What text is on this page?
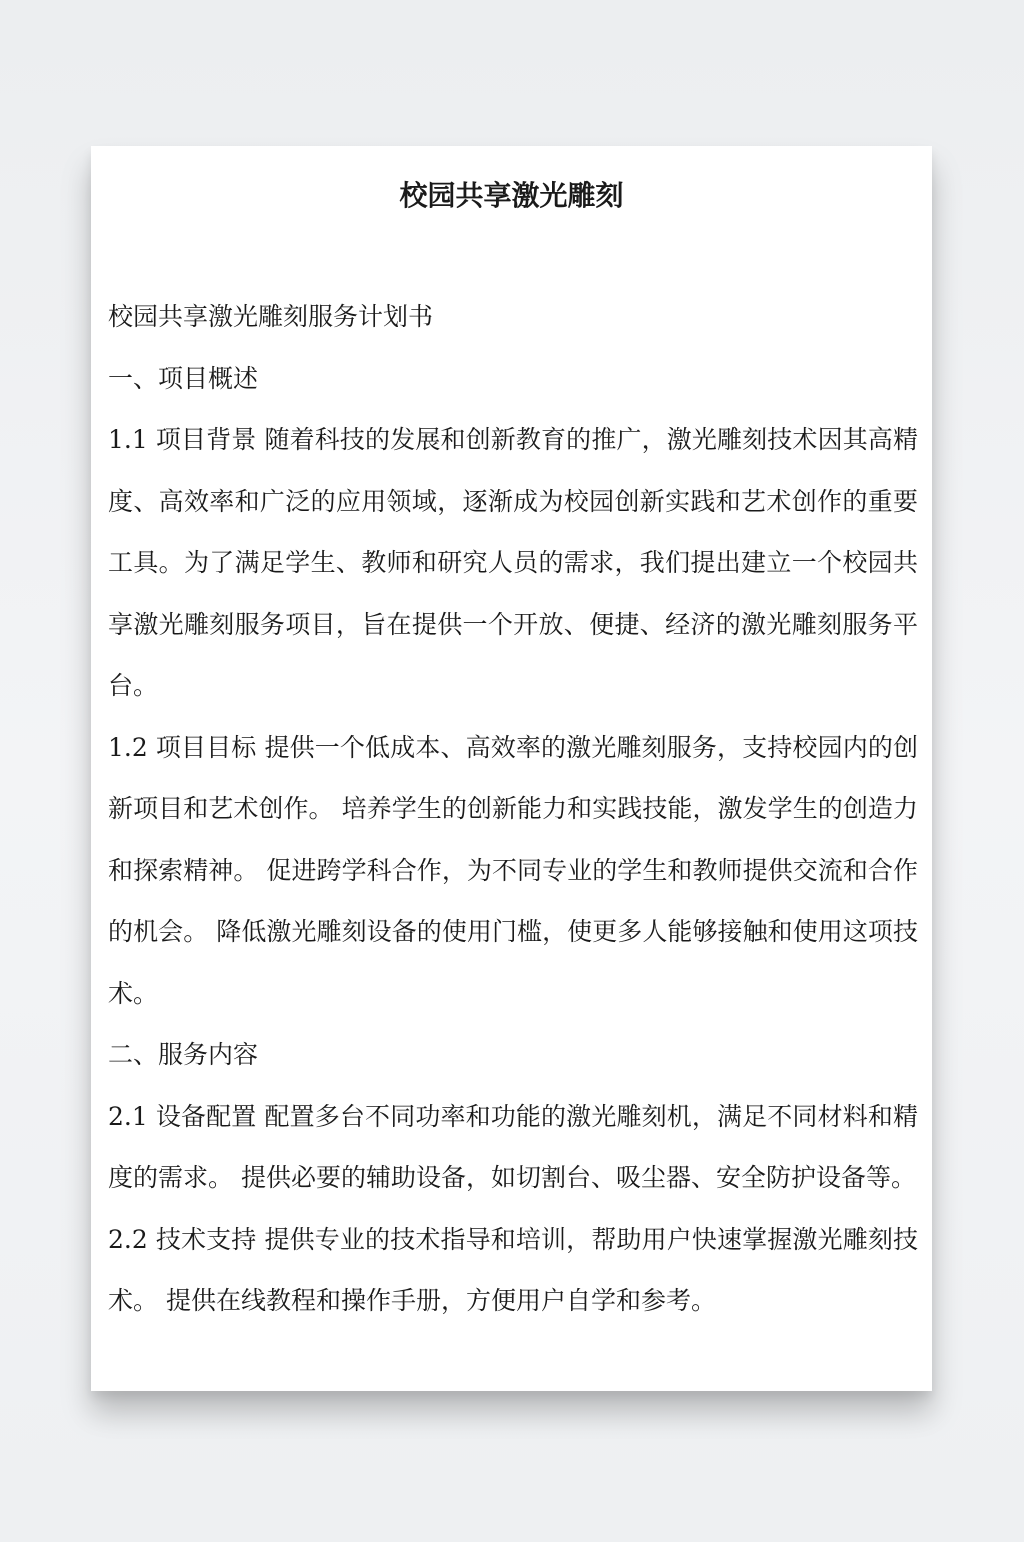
校园共享激光雕刻

校园共享激光雕刻服务计划书

一、项目概述

1.1 项目背景 随着科技的发展和创新教育的推广，激光雕刻技术因其高精度、高效率和广泛的应用领域，逐渐成为校园创新实践和艺术创作的重要工具。为了满足学生、教师和研究人员的需求，我们提出建立一个校园共享激光雕刻服务项目，旨在提供一个开放、便捷、经济的激光雕刻服务平台。

1.2 项目目标 提供一个低成本、高效率的激光雕刻服务，支持校园内的创新项目和艺术创作。 培养学生的创新能力和实践技能，激发学生的创造力和探索精神。 促进跨学科合作，为不同专业的学生和教师提供交流和合作的机会。 降低激光雕刻设备的使用门槛，使更多人能够接触和使用这项技术。

二、服务内容

2.1 设备配置 配置多台不同功率和功能的激光雕刻机，满足不同材料和精度的需求。 提供必要的辅助设备，如切割台、吸尘器、安全防护设备等。

2.2 技术支持 提供专业的技术指导和培训，帮助用户快速掌握激光雕刻技术。 提供在线教程和操作手册，方便用户自学和参考。
